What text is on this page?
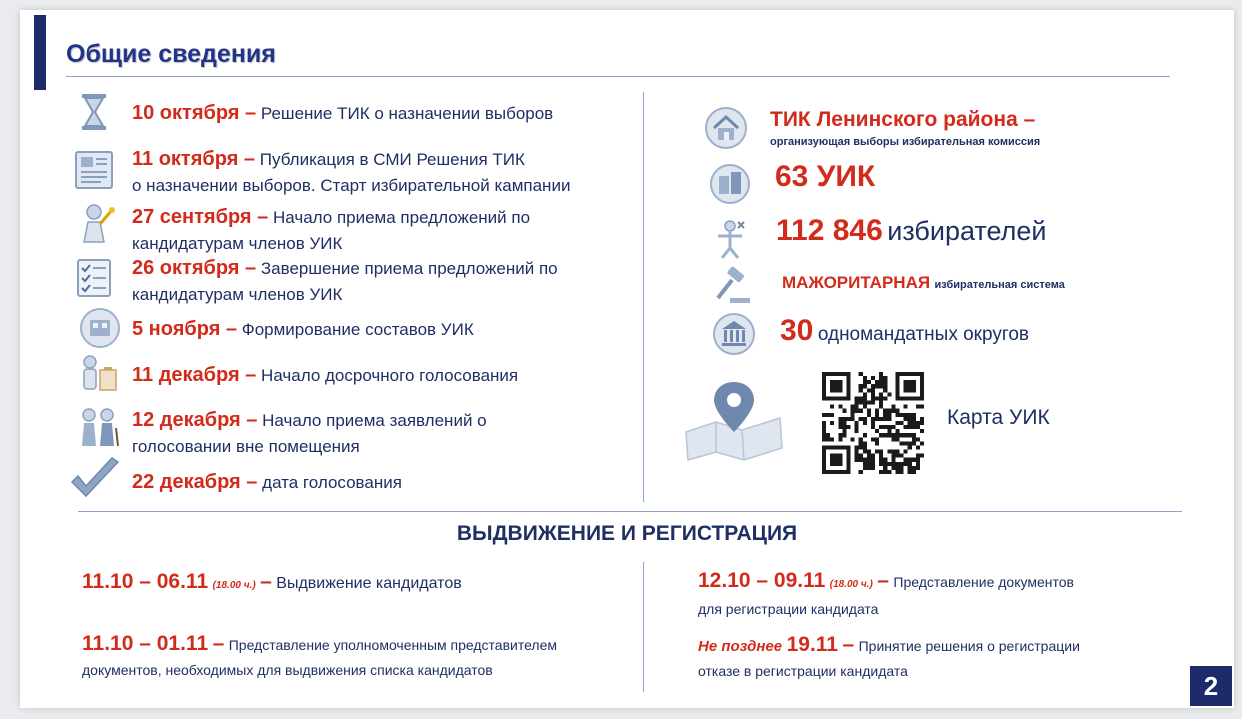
Общие сведения
10 октября – Решение ТИК о назначении выборов
11 октября – Публикация в СМИ Решения ТИК
о назначении выборов. Старт избирательной кампании
27 сентября – Начало приема предложений по
кандидатурам членов УИК
26 октября – Завершение приема предложений по
кандидатурам членов УИК
5 ноября – Формирование составов УИК
11 декабря – Начало досрочного голосования
12 декабря – Начало приема заявлений о
голосовании вне помещения
22 декабря – дата голосования
ТИК Ленинского района –
организующая выборы избирательная комиссия
63 УИК
112 846 избирателей
МАЖОРИТАРНАЯ избирательная система
30 одномандатных округов
Карта УИК
ВЫДВИЖЕНИЕ И РЕГИСТРАЦИЯ
11.10 – 06.11 (18.00 ч.) – Выдвижение кандидатов
11.10 – 01.11 – Представление уполномоченным представителем
документов, необходимых для выдвижения списка кандидатов
12.10 – 09.11 (18.00 ч.) – Представление документов
для регистрации кандидата
Не позднее 19.11 – Принятие решения о регистрации
отказе в регистрации кандидата	2
